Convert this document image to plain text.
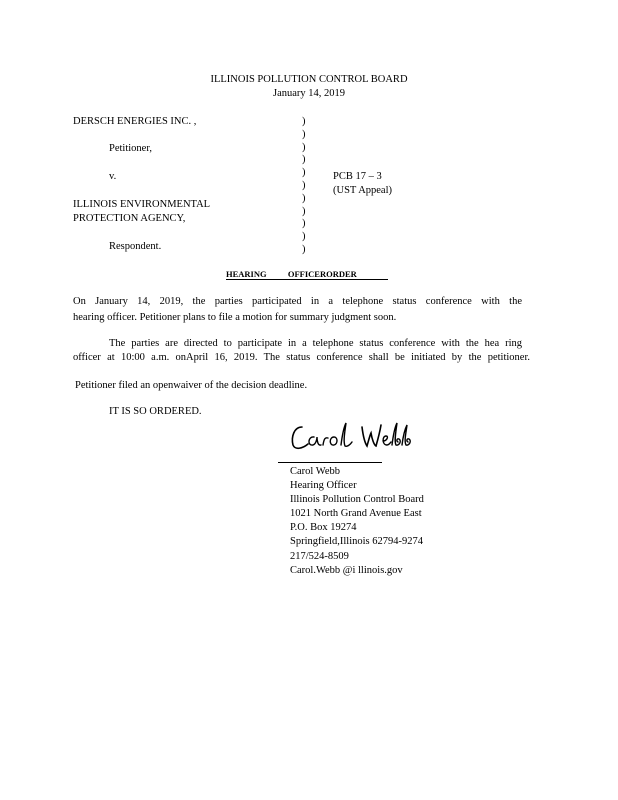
ILLINOIS POLLUTION CONTROL BOARD
January 14, 2019
DERSCH ENERGIES INC. ,
Petitioner,
v.
ILLINOIS ENVIRONMENTAL
PROTECTION AGENCY,
Respondent.
)
)
)
)
)
)
)
)
)
)
)
PCB 17 – 3
(UST Appeal)
HEARING          OFFICERORDER
On January 14, 2019, the parties participated in a telephone status conference with the
hearing officer. Petitioner plans to file a motion for summary judgment soon.
The parties are directed to participate in a telephone status conference with the hea ring
officer at 10:00 a.m. onApril 16, 2019. The status conference shall be initiated by the petitioner.
Petitioner filed an openwaiver of the decision deadline.
IT IS SO ORDERED.
Carol Webb
Hearing Officer
Illinois Pollution Control Board
1021 North Grand Avenue East
P.O. Box 19274
Springfield,Illinois 62794-9274
217/524-8509
Carol.Webb @i llinois.gov
